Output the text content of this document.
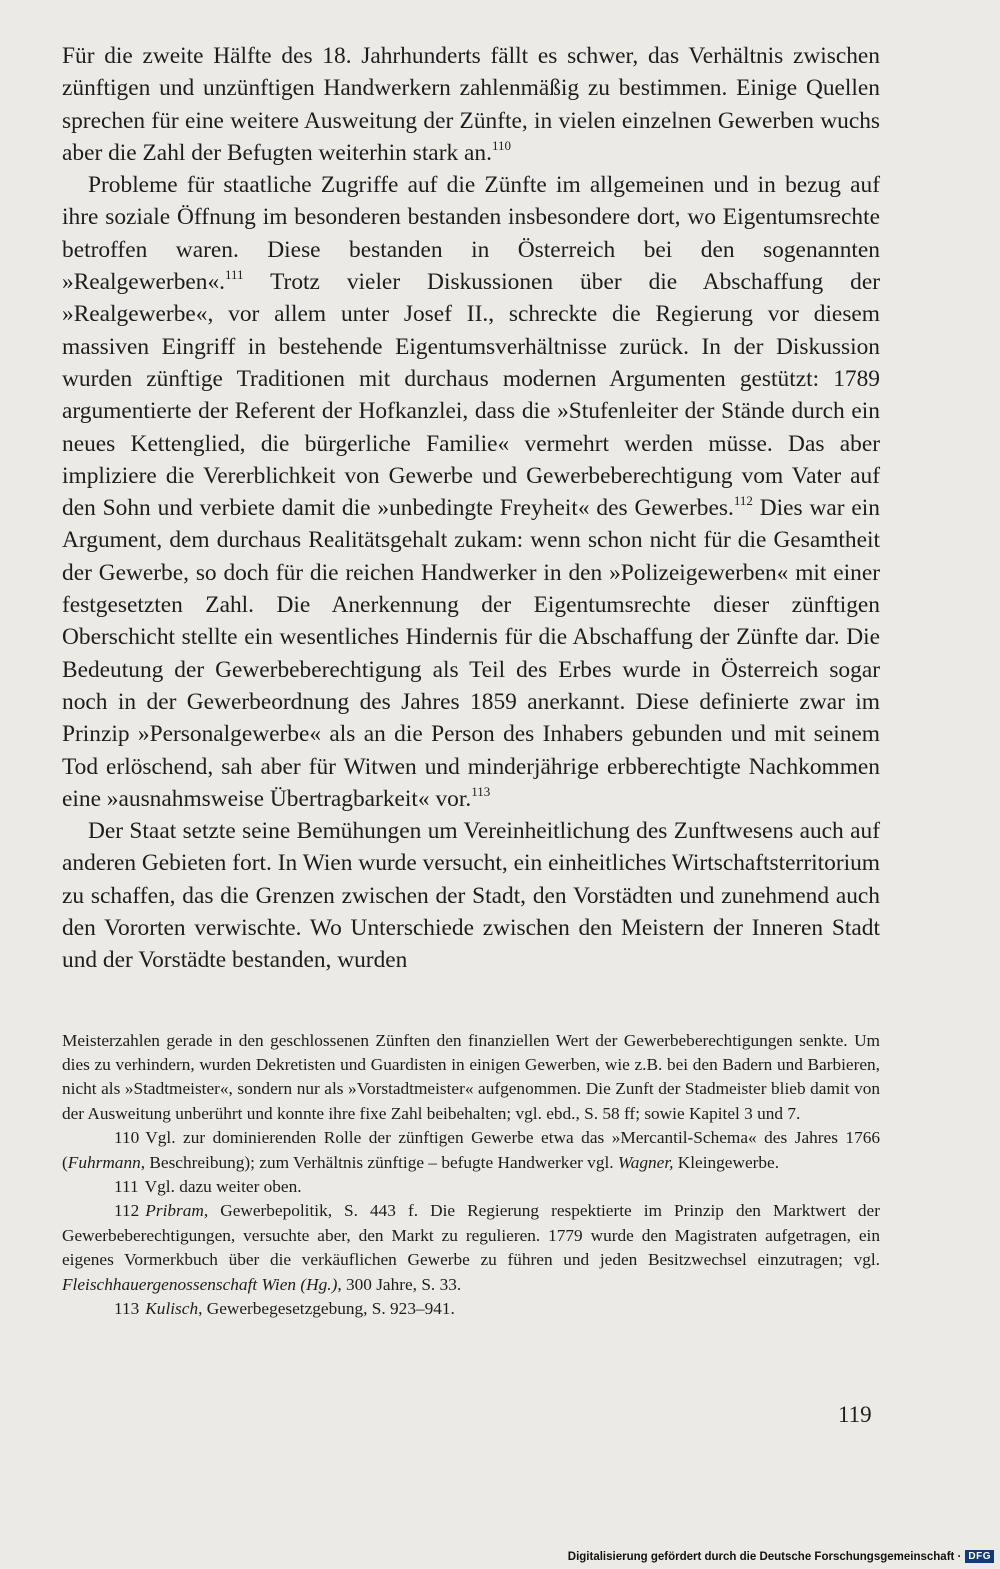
Für die zweite Hälfte des 18. Jahrhunderts fällt es schwer, das Verhältnis zwischen zünftigen und unzünftigen Handwerkern zahlenmäßig zu bestimmen. Einige Quellen sprechen für eine weitere Ausweitung der Zünfte, in vielen einzelnen Gewerben wuchs aber die Zahl der Befugten weiterhin stark an.$^{110}$

Probleme für staatliche Zugriffe auf die Zünfte im allgemeinen und in bezug auf ihre soziale Öffnung im besonderen bestanden insbesondere dort, wo Eigentumsrechte betroffen waren. Diese bestanden in Österreich bei den sogenannten »Realgewerben«.$^{111}$ Trotz vieler Diskussionen über die Abschaffung der »Realgewerbe«, vor allem unter Josef II., schreckte die Regierung vor diesem massiven Eingriff in bestehende Eigentumsverhältnisse zurück. In der Diskussion wurden zünftige Traditionen mit durchaus modernen Argumenten gestützt: 1789 argumentierte der Referent der Hofkanzlei, dass die »Stufenleiter der Stände durch ein neues Kettenglied, die bürgerliche Familie« vermehrt werden müsse. Das aber impliziere die Vererblichkeit von Gewerbe und Gewerbeberechtigung vom Vater auf den Sohn und verbiete damit die »unbedingte Freyheit« des Gewerbes.$^{112}$ Dies war ein Argument, dem durchaus Realitätsgehalt zukam: wenn schon nicht für die Gesamtheit der Gewerbe, so doch für die reichen Handwerker in den »Polizeigewerben« mit einer festgesetzten Zahl. Die Anerkennung der Eigentumsrechte dieser zünftigen Oberschicht stellte ein wesentliches Hindernis für die Abschaffung der Zünfte dar. Die Bedeutung der Gewerbeberechtigung als Teil des Erbes wurde in Österreich sogar noch in der Gewerbeordnung des Jahres 1859 anerkannt. Diese definierte zwar im Prinzip »Personalgewerbe« als an die Person des Inhabers gebunden und mit seinem Tod erlöschend, sah aber für Witwen und minderjährige erbberechtigte Nachkommen eine »ausnahmsweise Übertragbarkeit« vor.$^{113}$

Der Staat setzte seine Bemühungen um Vereinheitlichung des Zunftwesens auch auf anderen Gebieten fort. In Wien wurde versucht, ein einheitliches Wirtschaftsterritorium zu schaffen, das die Grenzen zwischen der Stadt, den Vorstädten und zunehmend auch den Vororten verwischte. Wo Unterschiede zwischen den Meistern der Inneren Stadt und der Vorstädte bestanden, wurden

Meisterzahlen gerade in den geschlossenen Zünften den finanziellen Wert der Gewerbeberechtigungen senkte. Um dies zu verhindern, wurden Dekretisten und Guardisten in einigen Gewerben, wie z.B. bei den Badern und Barbieren, nicht als »Stadtmeister«, sondern nur als »Vorstadtmeister« aufgenommen. Die Zunft der Stadmeister blieb damit von der Ausweitung unberührt und konnte ihre fixe Zahl beibehalten; vgl. ebd., S. 58 ff; sowie Kapitel 3 und 7.

110 Vgl. zur dominierenden Rolle der zünftigen Gewerbe etwa das »Mercantil-Schema« des Jahres 1766 (Fuhrmann, Beschreibung); zum Verhältnis zünftige – befugte Handwerker vgl. Wagner, Kleingewerbe.

111 Vgl. dazu weiter oben.

112 Pribram, Gewerbepolitik, S. 443 f. Die Regierung respektierte im Prinzip den Marktwert der Gewerbeberechtigungen, versuchte aber, den Markt zu regulieren. 1779 wurde den Magistraten aufgetragen, ein eigenes Vormerkbuch über die verkäuflichen Gewerbe zu führen und jeden Besitzwechsel einzutragen; vgl. Fleischhauergenossenschaft Wien (Hg.), 300 Jahre, S. 33.

113 Kulisch, Gewerbegesetzgebung, S. 923–941.

119
Digitalisierung gefördert durch die Deutsche Forschungsgemeinschaft · DFG
